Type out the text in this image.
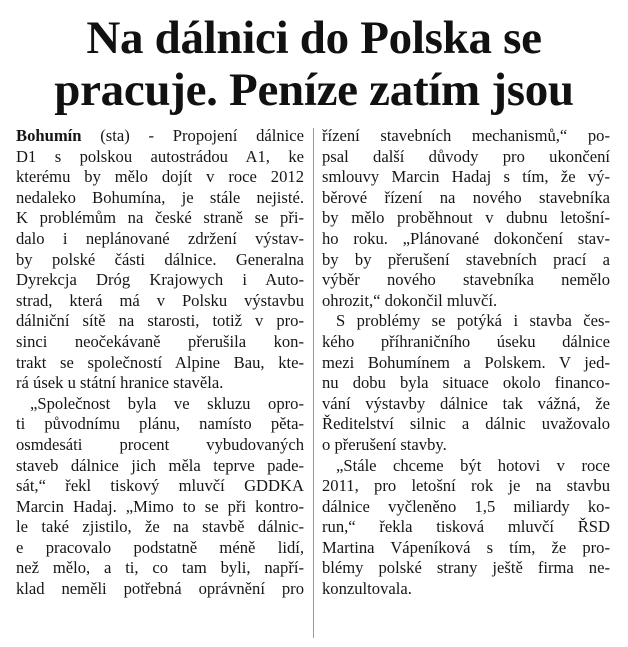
Na dálnici do Polska se
pracuje. Peníze zatím jsou
Bohumín (sta) - Propojení dálnice
D1 s polskou autostrádou A1, ke
kterému by mělo dojít v roce 2012
nedaleko Bohumína, je stále nejisté.
K problémům na české straně se při-
dalo i neplánované zdržení výstav-
by polské části dálnice. Generalna
Dyrekcja Dróg Krajowych i Auto-
strad, která má v Polsku výstavbu
dálniční sítě na starosti, totiž v pro-
sinci neočekávaně přerušila kon-
trakt se společností Alpine Bau, kte-
rá úsek u státní hranice stavěla.
„Společnost byla ve skluzu opro-
ti původnímu plánu, namísto pěta-
osmdesáti procent vybudovaných
staveb dálnice jich měla teprve pade-
sát,“ řekl tiskový mluvčí GDDKA
Marcin Hadaj. „Mimo to se při kontro-
le také zjistilo, že na stavbě dálnic-
e pracovalo podstatně méně lidí,
než mělo, a ti, co tam byli, napří-
klad neměli potřebná oprávnění pro
řízení stavebních mechanismů,“ po-
psal další důvody pro ukončení
smlouvy Marcin Hadaj s tím, že vý-
běrové řízení na nového stavebníka
by mělo proběhnout v dubnu letošní-
ho roku. „Plánované dokončení stav-
by by přerušení stavebních prací a
výběr nového stavebníka nemělo
ohrozit,“ dokončil mluvčí.
S problémy se potýká i stavba čes-
kého příhraničního úseku dálnice
mezi Bohumínem a Polskem. V jed-
nu dobu byla situace okolo financo-
vání výstavby dálnice tak vážná, že
Ředitelství silnic a dálnic uvažovalo
o přerušení stavby.
„Stále chceme být hotovi v roce
2011, pro letošní rok je na stavbu
dálnice vyčleněno 1,5 miliardy ko-
run,“ řekla tisková mluvčí ŘSD
Martina Vápeníková s tím, že pro-
blémy polské strany ještě firma ne-
konzultovala.
